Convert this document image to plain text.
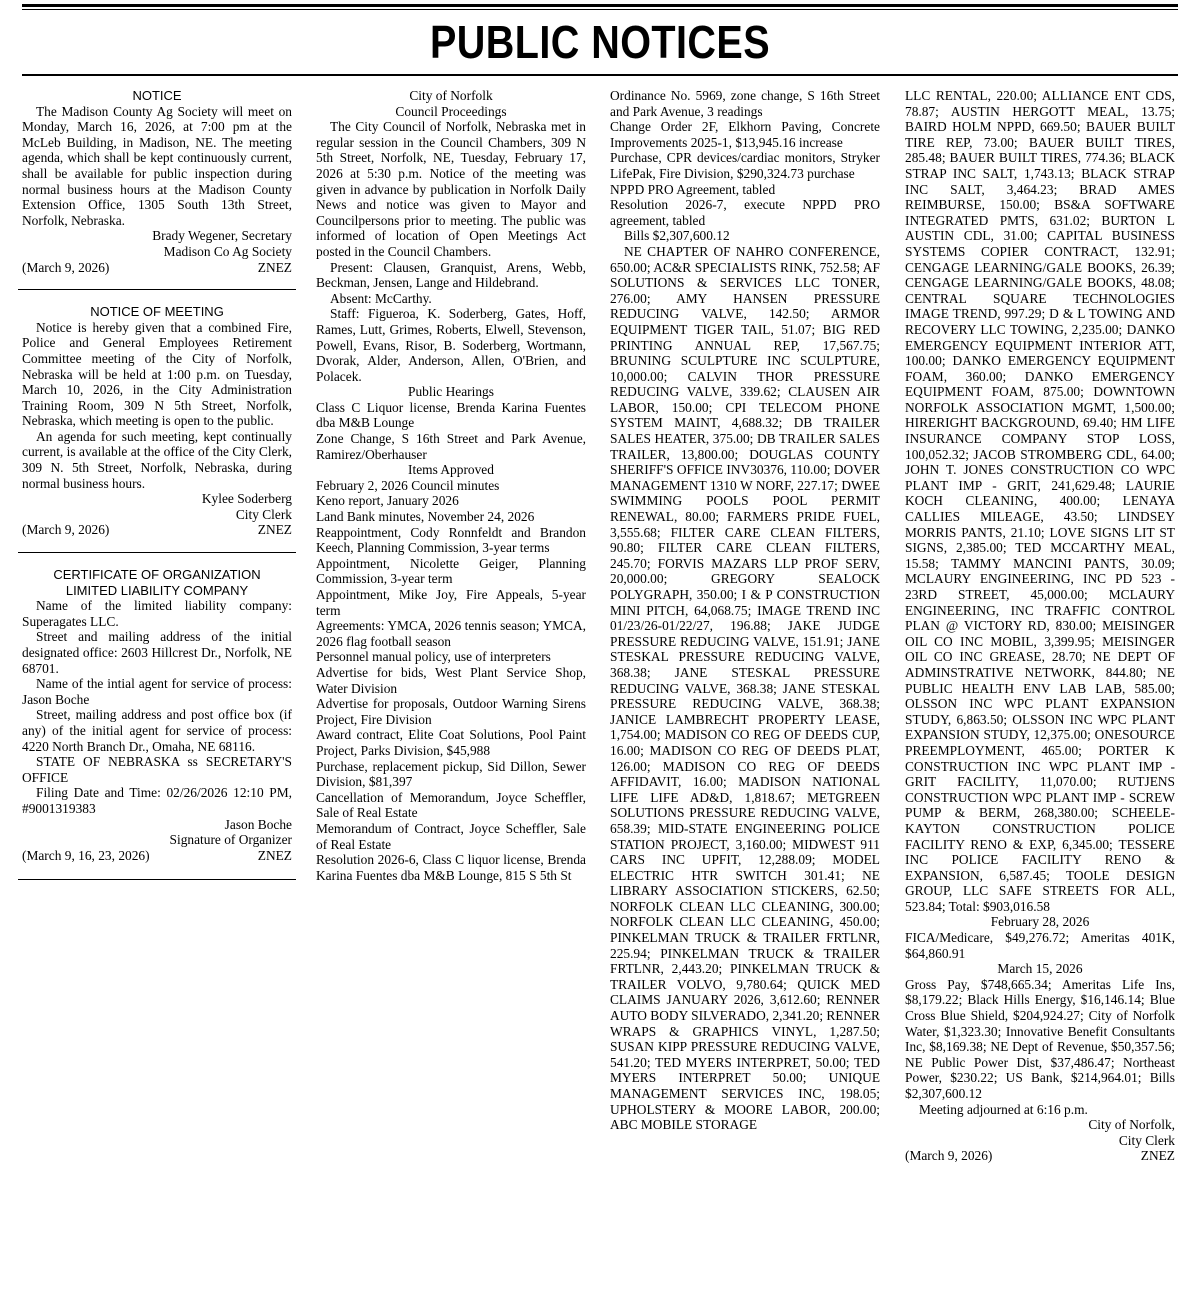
PUBLIC NOTICES

NOTICE

The Madison County Ag Society will meet on Monday, March 16, 2026, at 7:00 pm at the McLeb Building, in Madison, NE. The meeting agenda, which shall be kept continuously current, shall be available for public inspection during normal business hours at the Madison County Extension Office, 1305 South 13th Street, Norfolk, Nebraska.

Brady Wegener, Secretary

Madison Co Ag Society

(March 9, 2026)	ZNEZ

NOTICE OF MEETING

Notice is hereby given that a combined Fire, Police and General Employees Retirement Committee meeting of the City of Norfolk, Nebraska will be held at 1:00 p.m. on Tuesday, March 10, 2026, in the City Administration Training Room, 309 N 5th Street, Norfolk, Nebraska, which meeting is open to the public.

An agenda for such meeting, kept continually current, is available at the office of the City Clerk, 309 N. 5th Street, Norfolk, Nebraska, during normal business hours.

Kylee Soderberg

City Clerk

(March 9, 2026)	ZNEZ

CERTIFICATE OF ORGANIZATION

LIMITED LIABILITY COMPANY

Name of the limited liability company: Superagates LLC.

Street and mailing address of the initial designated office: 2603 Hillcrest Dr., Norfolk, NE 68701.

Name of the intial agent for service of process: Jason Boche

Street, mailing address and post office box (if any) of the initial agent for service of process: 4220 North Branch Dr., Omaha, NE 68116.

STATE OF NEBRASKA ss SECRETARY'S OFFICE

Filing Date and Time: 02/26/2026 12:10 PM, #9001319383

Jason Boche

Signature of Organizer

(March 9, 16, 23, 2026)	ZNEZ

City of Norfolk

Council Proceedings

The City Council of Norfolk, Nebraska met in regular session in the Council Chambers, 309 N 5th Street, Norfolk, NE, Tuesday, February 17, 2026 at 5:30 p.m. Notice of the meeting was given in advance by publication in Norfolk Daily News and notice was given to Mayor and Councilpersons prior to meeting. The public was informed of location of Open Meetings Act posted in the Council Chambers.

Present: Clausen, Granquist, Arens, Webb, Beckman, Jensen, Lange and Hildebrand.

Absent: McCarthy.

Staff: Figueroa, K. Soderberg, Gates, Hoff, Rames, Lutt, Grimes, Roberts, Elwell, Stevenson, Powell, Evans, Risor, B. Soderberg, Wortmann, Dvorak, Alder, Anderson, Allen, O'Brien, and Polacek.

Public Hearings

Class C Liquor license, Brenda Karina Fuentes dba M&B Lounge

Zone Change, S 16th Street and Park Avenue, Ramirez/Oberhauser

Items Approved

February 2, 2026 Council minutes

Keno report, January 2026

Land Bank minutes, November 24, 2026

Reappointment, Cody Ronnfeldt and Brandon Keech, Planning Commission, 3-year terms

Appointment, Nicolette Geiger, Planning Commission, 3-year term

Appointment, Mike Joy, Fire Appeals, 5-year term

Agreements: YMCA, 2026 tennis season; YMCA, 2026 flag football season

Personnel manual policy, use of interpreters

Advertise for bids, West Plant Service Shop, Water Division

Advertise for proposals, Outdoor Warning Sirens Project, Fire Division

Award contract, Elite Coat Solutions, Pool Paint Project, Parks Division, $45,988

Purchase, replacement pickup, Sid Dillon, Sewer Division, $81,397

Cancellation of Memorandum, Joyce Scheffler, Sale of Real Estate

Memorandum of Contract, Joyce Scheffler, Sale of Real Estate

Resolution 2026-6, Class C liquor license, Brenda Karina Fuentes dba M&B Lounge, 815 S 5th St

Ordinance No. 5969, zone change, S 16th Street and Park Avenue, 3 readings

Change Order 2F, Elkhorn Paving, Concrete Improvements 2025-1, $13,945.16 increase

Purchase, CPR devices/cardiac monitors, Stryker LifePak, Fire Division, $290,324.73 purchase

NPPD PRO Agreement, tabled

Resolution 2026-7, execute NPPD PRO agreement, tabled

Bills $2,307,600.12

NE CHAPTER OF NAHRO CONFERENCE, 650.00; AC&R SPECIALISTS RINK, 752.58; AF SOLUTIONS & SERVICES LLC TONER, 276.00; AMY HANSEN PRESSURE REDUCING VALVE, 142.50; ARMOR EQUIPMENT TIGER TAIL, 51.07; BIG RED PRINTING ANNUAL REP, 17,567.75; BRUNING SCULPTURE INC SCULPTURE, 10,000.00; CALVIN THOR PRESSURE REDUCING VALVE, 339.62; CLAUSEN AIR LABOR, 150.00; CPI TELECOM PHONE SYSTEM MAINT, 4,688.32; DB TRAILER SALES HEATER, 375.00; DB TRAILER SALES TRAILER, 13,800.00; DOUGLAS COUNTY SHERIFF'S OFFICE INV30376, 110.00; DOVER MANAGEMENT 1310 W NORF, 227.17; DWEE SWIMMING POOLS POOL PERMIT RENEWAL, 80.00; FARMERS PRIDE FUEL, 3,555.68; FILTER CARE CLEAN FILTERS, 90.80; FILTER CARE CLEAN FILTERS, 245.70; FORVIS MAZARS LLP PROF SERV, 20,000.00; GREGORY SEALOCK POLYGRAPH, 350.00; I & P CONSTRUCTION MINI PITCH, 64,068.75; IMAGE TREND INC 01/23/26-01/22/27, 196.88; JAKE JUDGE PRESSURE REDUCING VALVE, 151.91; JANE STESKAL PRESSURE REDUCING VALVE, 368.38; JANE STESKAL PRESSURE REDUCING VALVE, 368.38; JANE STESKAL PRESSURE REDUCING VALVE, 368.38; JANICE LAMBRECHT PROPERTY LEASE, 1,754.00; MADISON CO REG OF DEEDS CUP, 16.00; MADISON CO REG OF DEEDS PLAT, 126.00; MADISON CO REG OF DEEDS AFFIDAVIT, 16.00; MADISON NATIONAL LIFE LIFE AD&D, 1,818.67; METGREEN SOLUTIONS PRESSURE REDUCING VALVE, 658.39; MID-STATE ENGINEERING POLICE STATION PROJECT, 3,160.00; MIDWEST 911 CARS INC UPFIT, 12,288.09; MODEL ELECTRIC HTR SWITCH 301.41; NE LIBRARY ASSOCIATION STICKERS, 62.50; NORFOLK CLEAN LLC CLEANING, 300.00; NORFOLK CLEAN LLC CLEANING, 450.00; PINKELMAN TRUCK & TRAILER FRTLNR, 225.94; PINKELMAN TRUCK & TRAILER FRTLNR, 2,443.20; PINKELMAN TRUCK & TRAILER VOLVO, 9,780.64; QUICK MED CLAIMS JANUARY 2026, 3,612.60; RENNER AUTO BODY SILVERADO, 2,341.20; RENNER WRAPS & GRAPHICS VINYL, 1,287.50; SUSAN KIPP PRESSURE REDUCING VALVE, 541.20; TED MYERS INTERPRET, 50.00; TED MYERS INTERPRET 50.00; UNIQUE MANAGEMENT SERVICES INC, 198.05; UPHOLSTERY & MOORE LABOR, 200.00; ABC MOBILE STORAGE

LLC RENTAL, 220.00; ALLIANCE ENT CDS, 78.87; AUSTIN HERGOTT MEAL, 13.75; BAIRD HOLM NPPD, 669.50; BAUER BUILT TIRE REP, 73.00; BAUER BUILT TIRES, 285.48; BAUER BUILT TIRES, 774.36; BLACK STRAP INC SALT, 1,743.13; BLACK STRAP INC SALT, 3,464.23; BRAD AMES REIMBURSE, 150.00; BS&A SOFTWARE INTEGRATED PMTS, 631.02; BURTON L AUSTIN CDL, 31.00; CAPITAL BUSINESS SYSTEMS COPIER CONTRACT, 132.91; CENGAGE LEARNING/GALE BOOKS, 26.39; CENGAGE LEARNING/GALE BOOKS, 48.08; CENTRAL SQUARE TECHNOLOGIES IMAGE TREND, 997.29; D & L TOWING AND RECOVERY LLC TOWING, 2,235.00; DANKO EMERGENCY EQUIPMENT INTERIOR ATT, 100.00; DANKO EMERGENCY EQUIPMENT FOAM, 360.00; DANKO EMERGENCY EQUIPMENT FOAM, 875.00; DOWNTOWN NORFOLK ASSOCIATION MGMT, 1,500.00; HIRERIGHT BACKGROUND, 69.40; HM LIFE INSURANCE COMPANY STOP LOSS, 100,052.32; JACOB STROMBERG CDL, 64.00; JOHN T. JONES CONSTRUCTION CO WPC PLANT IMP - GRIT, 241,629.48; LAURIE KOCH CLEANING, 400.00; LENAYA CALLIES MILEAGE, 43.50; LINDSEY MORRIS PANTS, 21.10; LOVE SIGNS LIT ST SIGNS, 2,385.00; TED MCCARTHY MEAL, 15.58; TAMMY MANCINI PANTS, 30.09; MCLAURY ENGINEERING, INC PD 523 - 23RD STREET, 45,000.00; MCLAURY ENGINEERING, INC TRAFFIC CONTROL PLAN @ VICTORY RD, 830.00; MEISINGER OIL CO INC MOBIL, 3,399.95; MEISINGER OIL CO INC GREASE, 28.70; NE DEPT OF ADMINSTRATIVE NETWORK, 844.80; NE PUBLIC HEALTH ENV LAB LAB, 585.00; OLSSON INC WPC PLANT EXPANSION STUDY, 6,863.50; OLSSON INC WPC PLANT EXPANSION STUDY, 12,375.00; ONESOURCE PREEMPLOYMENT, 465.00; PORTER K CONSTRUCTION INC WPC PLANT IMP - GRIT FACILITY, 11,070.00; RUTJENS CONSTRUCTION WPC PLANT IMP - SCREW PUMP & BERM, 268,380.00; SCHEELE-KAYTON CONSTRUCTION POLICE FACILITY RENO & EXP, 6,345.00; TESSERE INC POLICE FACILITY RENO & EXPANSION, 6,587.45; TOOLE DESIGN GROUP, LLC SAFE STREETS FOR ALL, 523.84; Total: $903,016.58

February 28, 2026

FICA/Medicare, $49,276.72; Ameritas 401K, $64,860.91

March 15, 2026

Gross Pay, $748,665.34; Ameritas Life Ins, $8,179.22; Black Hills Energy, $16,146.14; Blue Cross Blue Shield, $204,924.27; City of Norfolk Water, $1,323.30; Innovative Benefit Consultants Inc, $8,169.38; NE Dept of Revenue, $50,357.56; NE Public Power Dist, $37,486.47; Northeast Power, $230.22; US Bank, $214,964.01; Bills $2,307,600.12

Meeting adjourned at 6:16 p.m.

City of Norfolk,

City Clerk

(March 9, 2026)	ZNEZ
